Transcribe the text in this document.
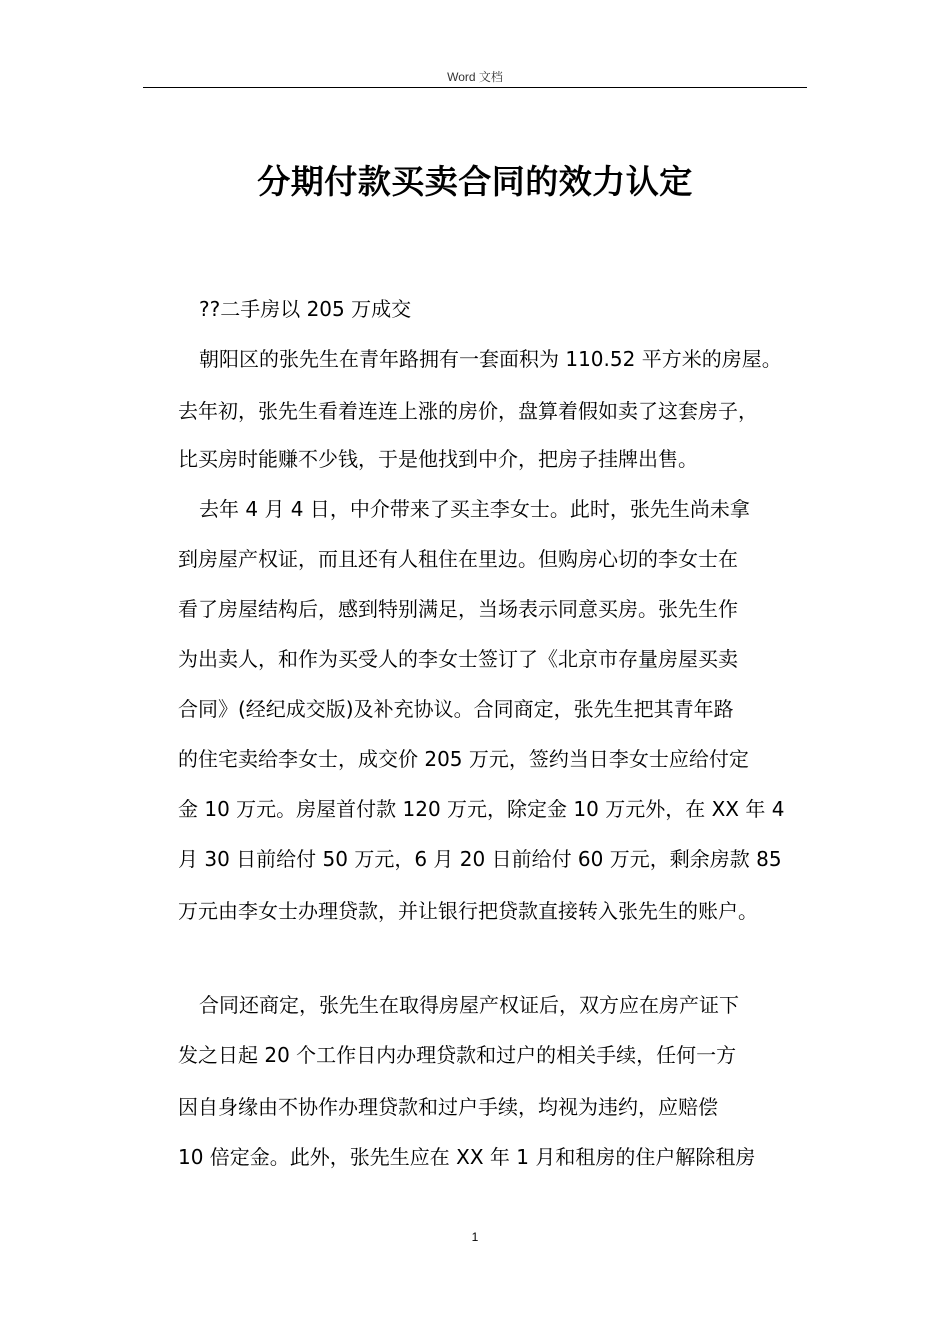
Word 文档
分期付款买卖合同的效力认定
??二手房以 205 万成交
朝阳区的张先生在青年路拥有一套面积为 110.52 平方米的房屋。
去年初，张先生看着连连上涨的房价，盘算着假如卖了这套房子，
比买房时能赚不少钱，于是他找到中介，把房子挂牌出售。
去年 4 月 4 日，中介带来了买主李女士。此时，张先生尚未拿
到房屋产权证，而且还有人租住在里边。但购房心切的李女士在
看了房屋结构后，感到特别满足，当场表示同意买房。张先生作
为出卖人，和作为买受人的李女士签订了《北京市存量房屋买卖
合同》(经纪成交版)及补充协议。合同商定，张先生把其青年路
的住宅卖给李女士，成交价 205 万元，签约当日李女士应给付定
金 10 万元。房屋首付款 120 万元，除定金 10 万元外，在 XX 年 4
月 30 日前给付 50 万元，6 月 20 日前给付 60 万元，剩余房款 85
万元由李女士办理贷款，并让银行把贷款直接转入张先生的账户。
合同还商定，张先生在取得房屋产权证后，双方应在房产证下
发之日起 20 个工作日内办理贷款和过户的相关手续，任何一方
因自身缘由不协作办理贷款和过户手续，均视为违约，应赔偿
10 倍定金。此外，张先生应在 XX 年 1 月和租房的住户解除租房
1
